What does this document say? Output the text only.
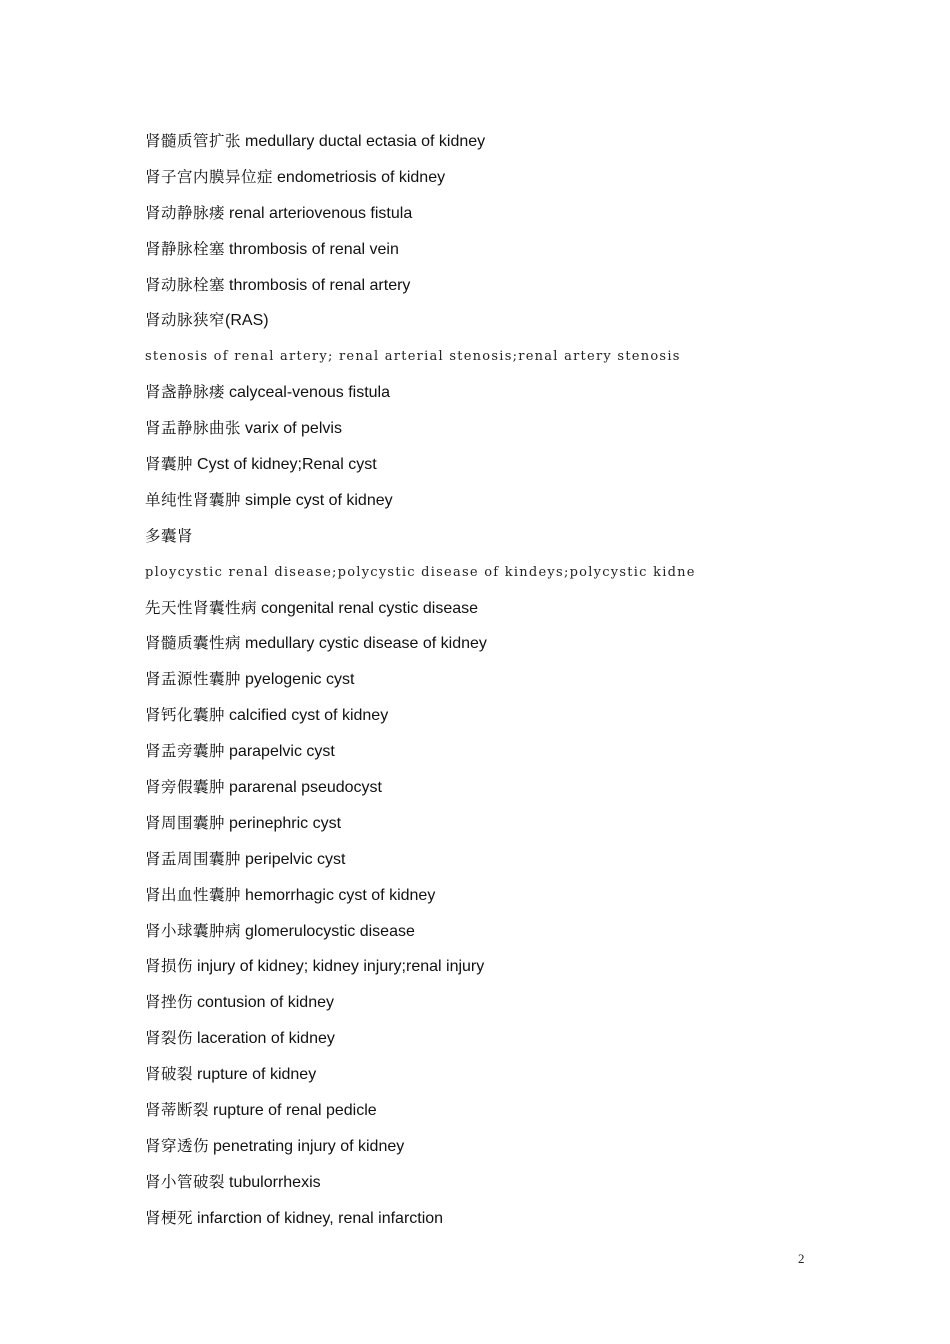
肾髓质管扩张 medullary ductal ectasia of kidney
肾子宫内膜异位症 endometriosis of kidney
肾动静脉瘘 renal arteriovenous fistula
肾静脉栓塞 thrombosis of renal vein
肾动脉栓塞 thrombosis of renal artery
肾动脉狭窄(RAS)
stenosis of renal artery; renal arterial stenosis;renal artery stenosis
肾盏静脉瘘 calyceal-venous fistula
肾盂静脉曲张 varix of pelvis
肾囊肿 Cyst of kidney;Renal cyst
单纯性肾囊肿 simple cyst of kidney
多囊肾
ploycystic renal disease;polycystic disease of kindeys;polycystic kidne
先天性肾囊性病 congenital renal cystic disease
肾髓质囊性病 medullary cystic disease of kidney
肾盂源性囊肿 pyelogenic cyst
肾钙化囊肿 calcified cyst of kidney
肾盂旁囊肿 parapelvic cyst
肾旁假囊肿 pararenal pseudocyst
肾周围囊肿 perinephric cyst
肾盂周围囊肿 peripelvic cyst
肾出血性囊肿 hemorrhagic cyst of kidney
肾小球囊肿病 glomerulocystic disease
肾损伤 injury of kidney; kidney injury;renal injury
肾挫伤 contusion of kidney
肾裂伤 laceration of kidney
肾破裂 rupture of kidney
肾蒂断裂 rupture of renal pedicle
肾穿透伤 penetrating injury of kidney
肾小管破裂 tubulorrhexis
肾梗死 infarction of kidney, renal infarction
2
